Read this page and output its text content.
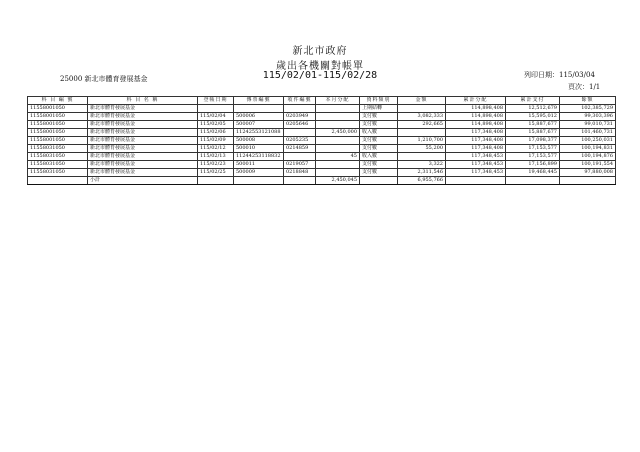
新北市政府
歲出各機關對帳單
115/02/01-115/02/28
25000 新北市體育發展基金	列印日期：115/03/04
頁次：1/1
科 目 編 號	科 目 名 稱	登帳日期	傳票編號	收件編號	本月分配	資料類別	金額	累計分配	累計支付	餘額
1155800105​0	新北市體育發展基金					上期結轉		114,898,408	12,512,679	102,385,729
11558001050	新北市體育發展基金	115/02/04	500006	0203949		支付數	3,082,333	114,898,408	15,595,012	99,303,396
11558001050	新北市體育發展基金	115/02/05	500007	0205646		支付數	292,665	114,898,408	15,887,677	99,010,731
11558001050	新北市體育發展基金	115/02/06	11242553121088		2,450,000	收入數		117,348,408	15,887,677	101,460,731
11558001050	新北市體育發展基金	115/02/09	500008	0205235		支付數	1,210,700	117,348,408	17,098,377	100,250,031
11558031050	新北市體育發展基金	115/02/12	500010	0214859		支付數	55,200	117,348,408	17,153,577	100,194,831
11558031050	新北市體育發展基金	115/02/13	11244253118832		45	收入數		117,348,453	17,153,577	100,194,876
11558031050	新北市體育發展基金	115/02/23	500011	0219057		支付數	3,322	117,348,453	17,156,899	100,191,554
11558031050	新北市體育發展基金	115/02/25	500009	0218848		支付數	2,311,546	117,348,453	19,468,445	97,880,008
	小計				2,450,045		6,955,766			
